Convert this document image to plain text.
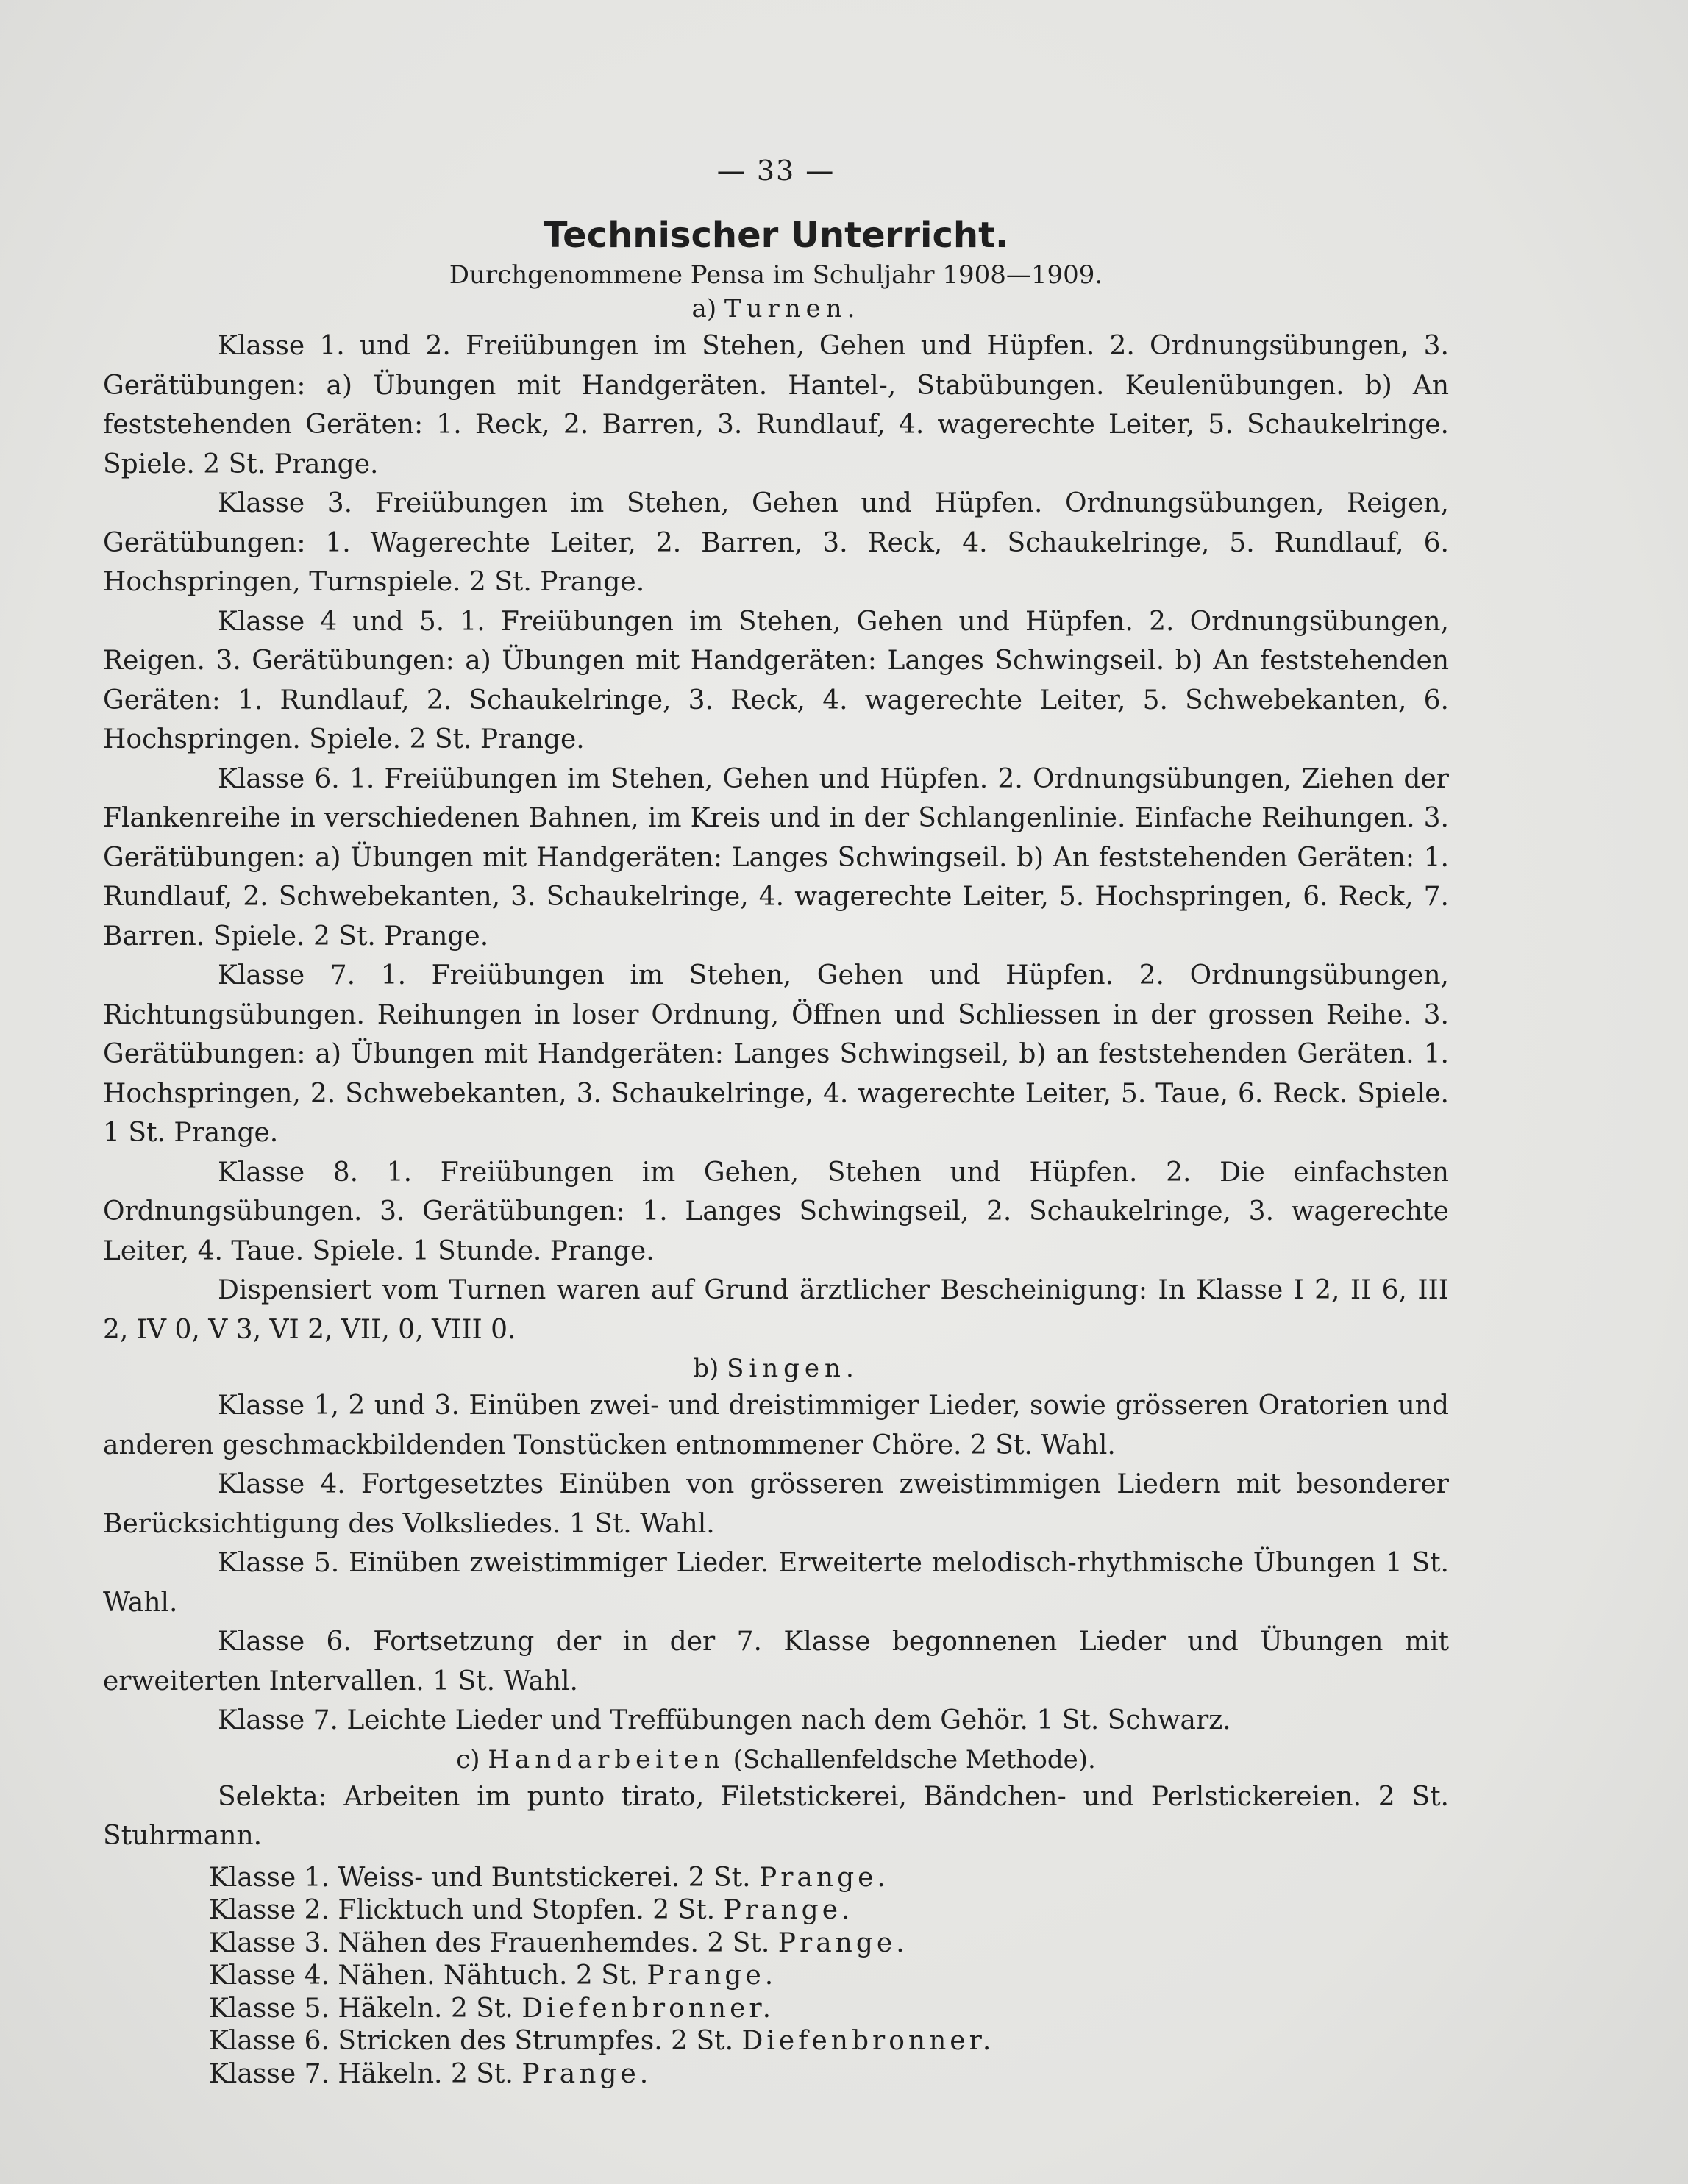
— 33 —
Technischer Unterricht.
Durchgenommene Pensa im Schuljahr 1908—1909.
a) Turnen.

Klasse 1. und 2. Freiübungen im Stehen, Gehen und Hüpfen. 2. Ordnungsübungen, 3. Gerätübungen: a) Übungen mit Handgeräten. Hantel-, Stabübungen. Keulenübungen. b) An feststehenden Geräten: 1. Reck, 2. Barren, 3. Rundlauf, 4. wagerechte Leiter, 5. Schaukelringe. Spiele. 2 St. Prange.

Klasse 3. Freiübungen im Stehen, Gehen und Hüpfen. Ordnungsübungen, Reigen, Gerätübungen: 1. Wagerechte Leiter, 2. Barren, 3. Reck, 4. Schaukelringe, 5. Rundlauf, 6. Hochspringen, Turnspiele. 2 St. Prange.

Klasse 4 und 5. 1. Freiübungen im Stehen, Gehen und Hüpfen. 2. Ordnungsübungen, Reigen. 3. Gerätübungen: a) Übungen mit Handgeräten: Langes Schwingseil. b) An feststehenden Geräten: 1. Rundlauf, 2. Schaukelringe, 3. Reck, 4. wagerechte Leiter, 5. Schwebekanten, 6. Hochspringen. Spiele. 2 St. Prange.

Klasse 6. 1. Freiübungen im Stehen, Gehen und Hüpfen. 2. Ordnungsübungen, Ziehen der Flankenreihe in verschiedenen Bahnen, im Kreis und in der Schlangenlinie. Einfache Reihungen. 3. Gerätübungen: a) Übungen mit Handgeräten: Langes Schwingseil. b) An feststehenden Geräten: 1. Rundlauf, 2. Schwebekanten, 3. Schaukelringe, 4. wagerechte Leiter, 5. Hochspringen, 6. Reck, 7. Barren. Spiele. 2 St. Prange.

Klasse 7. 1. Freiübungen im Stehen, Gehen und Hüpfen. 2. Ordnungsübungen, Richtungsübungen. Reihungen in loser Ordnung, Öffnen und Schliessen in der grossen Reihe. 3. Gerätübungen: a) Übungen mit Handgeräten: Langes Schwingseil, b) an feststehenden Geräten. 1. Hochspringen, 2. Schwebekanten, 3. Schaukelringe, 4. wagerechte Leiter, 5. Taue, 6. Reck. Spiele. 1 St. Prange.

Klasse 8. 1. Freiübungen im Gehen, Stehen und Hüpfen. 2. Die einfachsten Ordnungsübungen. 3. Gerätübungen: 1. Langes Schwingseil, 2. Schaukelringe, 3. wagerechte Leiter, 4. Taue. Spiele. 1 Stunde. Prange.

Dispensiert vom Turnen waren auf Grund ärztlicher Bescheinigung: In Klasse I 2, II 6, III 2, IV 0, V 3, VI 2, VII, 0, VIII 0.

b) Singen.

Klasse 1, 2 und 3. Einüben zwei- und dreistimmiger Lieder, sowie grösseren Oratorien und anderen geschmackbildenden Tonstücken entnommener Chöre. 2 St. Wahl.

Klasse 4. Fortgesetztes Einüben von grösseren zweistimmigen Liedern mit besonderer Berücksichtigung des Volksliedes. 1 St. Wahl.

Klasse 5. Einüben zweistimmiger Lieder. Erweiterte melodisch-rhythmische Übungen 1 St. Wahl.

Klasse 6. Fortsetzung der in der 7. Klasse begonnenen Lieder und Übungen mit erweiterten Intervallen. 1 St. Wahl.

Klasse 7. Leichte Lieder und Treffübungen nach dem Gehör. 1 St. Schwarz.

c) Handarbeiten (Schallenfeldsche Methode).

Selekta: Arbeiten im punto tirato, Filetstickerei, Bändchen- und Perlstickereien. 2 St. Stuhrmann.

Klasse 1. Weiss- und Buntstickerei. 2 St. Prange.
Klasse 2. Flicktuch und Stopfen. 2 St. Prange.
Klasse 3. Nähen des Frauenhemdes. 2 St. Prange.
Klasse 4. Nähen. Nähtuch. 2 St. Prange.
Klasse 5. Häkeln. 2 St. Diefenbronner.
Klasse 6. Stricken des Strumpfes. 2 St. Diefenbronner.
Klasse 7. Häkeln. 2 St. Prange.
